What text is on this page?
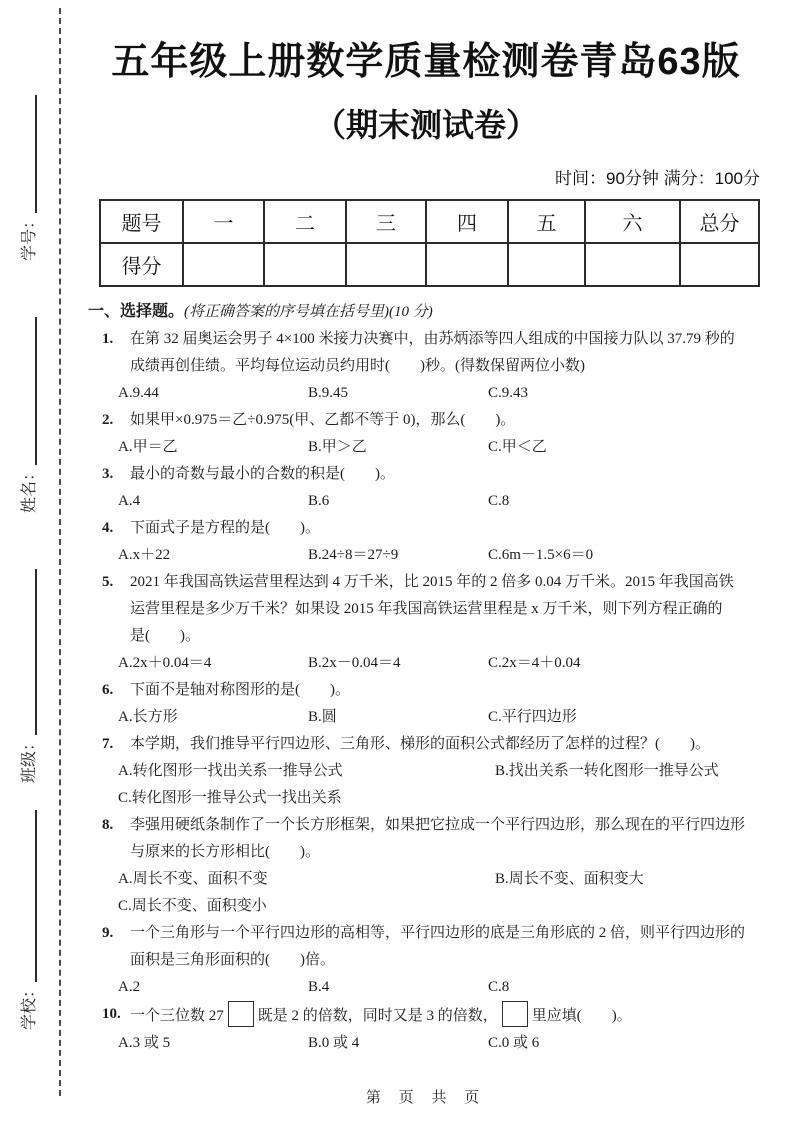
学号：
姓名：
班级：
学校：
五年级上册数学质量检测卷青岛63版
（期末测试卷）
时间：90分钟 满分：100分
题号	一	二	三	四	五	六	总分
得分							
一、选择题。(将正确答案的序号填在括号里)(10 分)
1.	在第 32 届奥运会男子 4×100 米接力决赛中，由苏炳添等四人组成的中国接力队以 37.79 秒的
成绩再创佳绩。平均每位运动员约用时(　　)秒。(得数保留两位小数)
A.9.44	B.9.45	C.9.43
2.	如果甲×0.975＝乙÷0.975(甲、乙都不等于 0)，那么(　　)。
A.甲＝乙	B.甲＞乙	C.甲＜乙
3.	最小的奇数与最小的合数的积是(　　)。
A.4	B.6	C.8
4.	下面式子是方程的是(　　)。
A.x＋22	B.24÷8＝27÷9	C.6m－1.5×6＝0
5.	2021 年我国高铁运营里程达到 4 万千米，比 2015 年的 2 倍多 0.04 万千米。2015 年我国高铁
运营里程是多少万千米？如果设 2015 年我国高铁运营里程是 x 万千米，则下列方程正确的
是(　　)。
A.2x＋0.04＝4	B.2x－0.04＝4	C.2x＝4＋0.04
6.	下面不是轴对称图形的是(　　)。
A.长方形	B.圆	C.平行四边形
7.	本学期，我们推导平行四边形、三角形、梯形的面积公式都经历了怎样的过程？(　　)。
A.转化图形一找出关系一推导公式	B.找出关系一转化图形一推导公式
C.转化图形一推导公式一找出关系
8.	李强用硬纸条制作了一个长方形框架，如果把它拉成一个平行四边形，那么现在的平行四边形
与原来的长方形相比(　　)。
A.周长不变、面积不变	B.周长不变、面积变大
C.周长不变、面积变小
9.	一个三角形与一个平行四边形的高相等，平行四边形的底是三角形底的 2 倍，则平行四边形的
面积是三角形面积的(　　)倍。
A.2	B.4	C.8
10. 一个三位数 27 既是 2 的倍数，同时又是 3 的倍数， 里应填(　　)。
A.3 或 5	B.0 或 4	C.0 或 6
第 页 共 页
